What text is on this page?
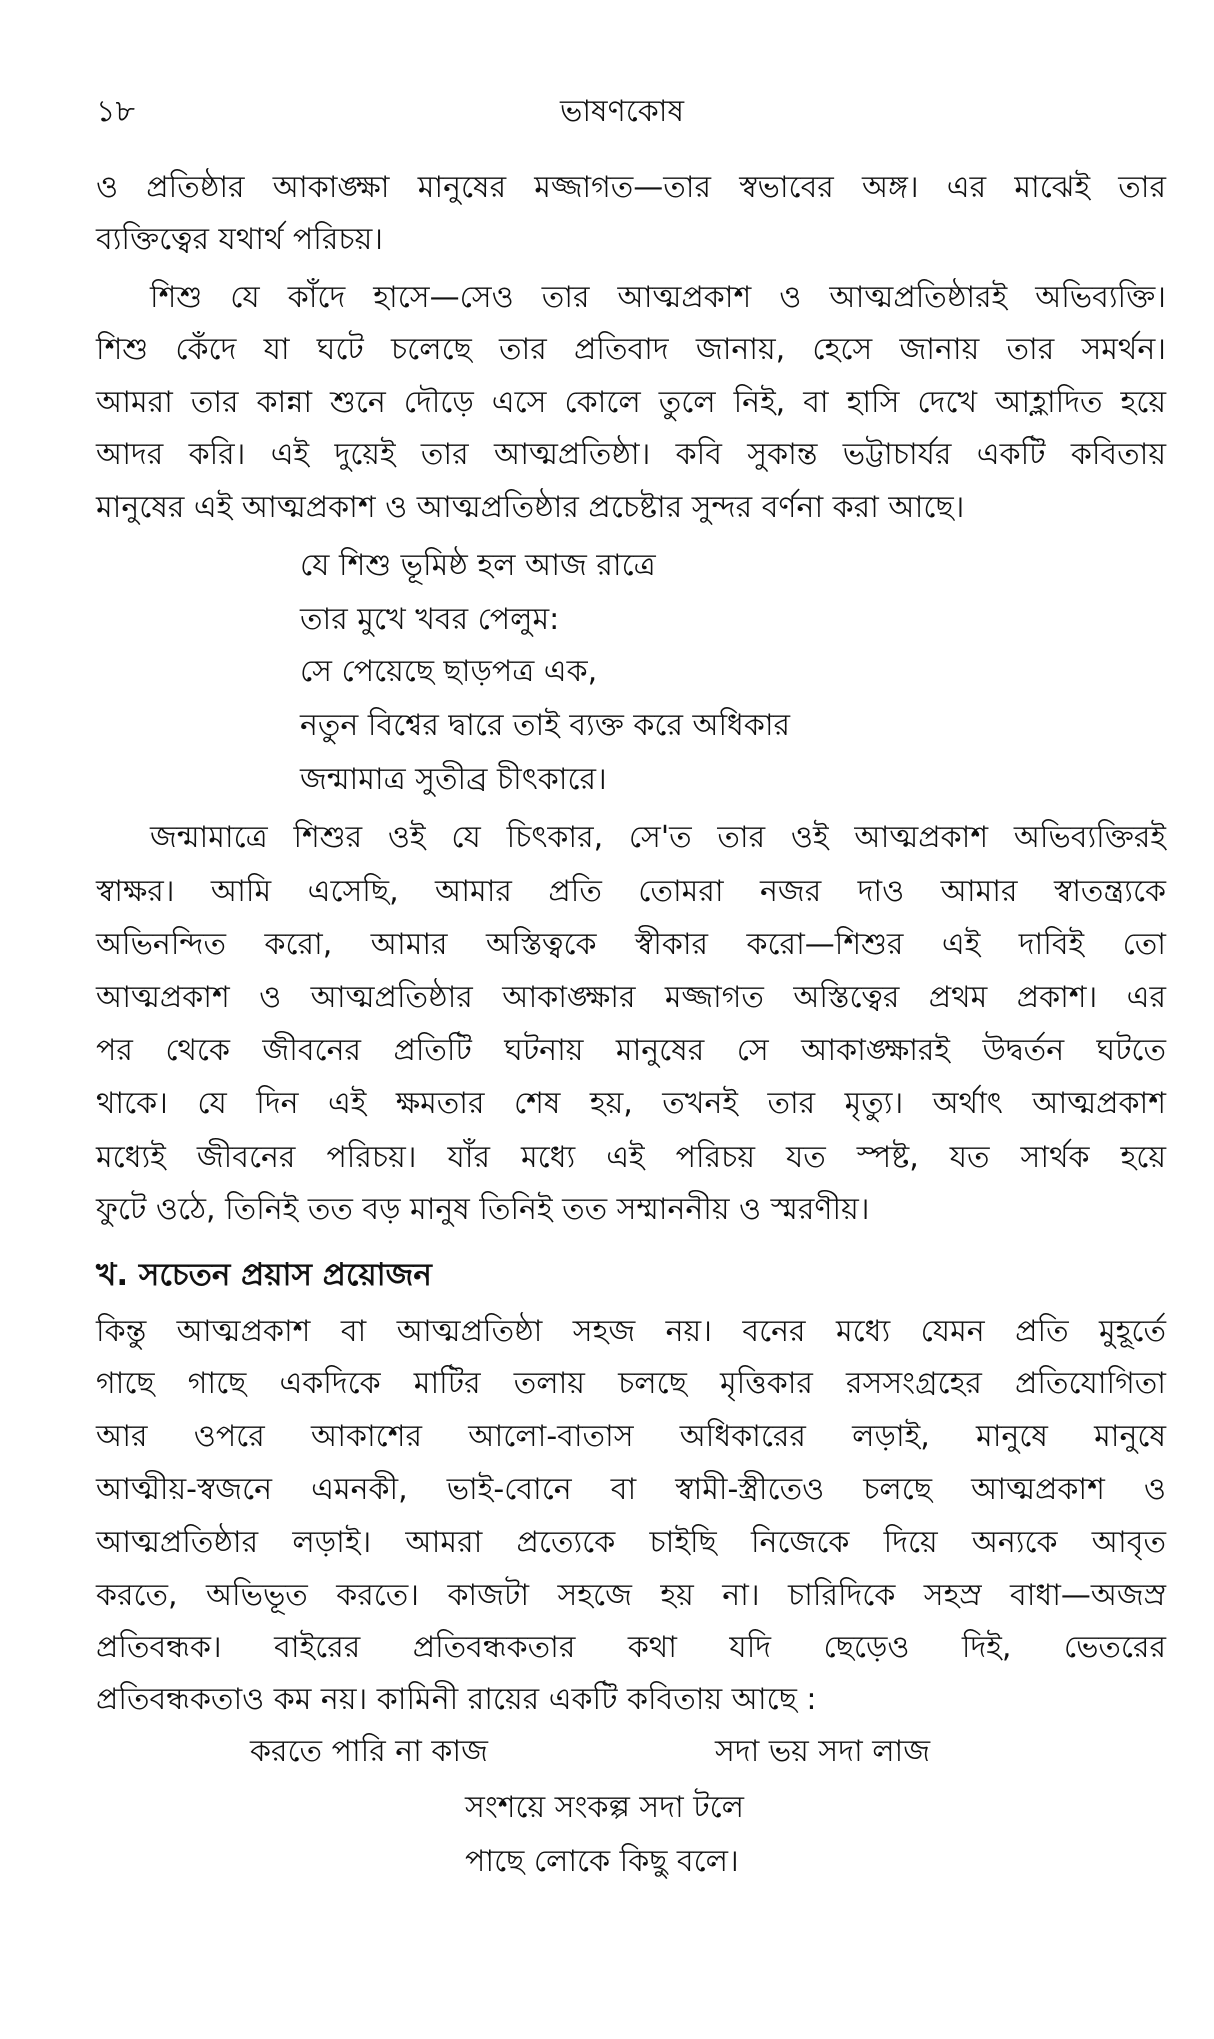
১৮	ভাষণকোষ
ও প্রতিষ্ঠার আকাঙ্ক্ষা মানুষের মজ্জাগত—তার স্বভাবের অঙ্গ। এর মাঝেই তার
ব্যক্তিত্বের যথার্থ পরিচয়।
শিশু যে কাঁদে হাসে—সেও তার আত্মপ্রকাশ ও আত্মপ্রতিষ্ঠারই অভিব্যক্তি।
শিশু কেঁদে যা ঘটে চলেছে তার প্রতিবাদ জানায়, হেসে জানায় তার সমর্থন।
আমরা তার কান্না শুনে দৌড়ে এসে কোলে তুলে নিই, বা হাসি দেখে আহ্লাদিত হয়ে
আদর করি। এই দুয়েই তার আত্মপ্রতিষ্ঠা। কবি সুকান্ত ভট্টাচার্যর একটি কবিতায়
মানুষের এই আত্মপ্রকাশ ও আত্মপ্রতিষ্ঠার প্রচেষ্টার সুন্দর বর্ণনা করা আছে।
যে শিশু ভূমিষ্ঠ হল আজ রাত্রে
তার মুখে খবর পেলুম:
সে পেয়েছে ছাড়পত্র এক,
নতুন বিশ্বের দ্বারে তাই ব্যক্ত করে অধিকার
জন্মামাত্র সুতীব্র চীৎকারে।
জন্মামাত্রে শিশুর ওই যে চিৎকার, সে'ত তার ওই আত্মপ্রকাশ অভিব্যক্তিরই
স্বাক্ষর। আমি এসেছি, আমার প্রতি তোমরা নজর দাও আমার স্বাতন্ত্র্যকে
অভিনন্দিত করো, আমার অস্তিত্বকে স্বীকার করো—শিশুর এই দাবিই তো
আত্মপ্রকাশ ও আত্মপ্রতিষ্ঠার আকাঙ্ক্ষার মজ্জাগত অস্তিত্বের প্রথম প্রকাশ। এর
পর থেকে জীবনের প্রতিটি ঘটনায় মানুষের সে আকাঙ্ক্ষারই উদ্বর্তন ঘটতে
থাকে। যে দিন এই ক্ষমতার শেষ হয়, তখনই তার মৃত্যু। অর্থাৎ আত্মপ্রকাশ
মধ্যেই জীবনের পরিচয়। যাঁর মধ্যে এই পরিচয় যত স্পষ্ট, যত সার্থক হয়ে
ফুটে ওঠে, তিনিই তত বড় মানুষ তিনিই তত সম্মাননীয় ও স্মরণীয়।
খ. সচেতন প্রয়াস প্রয়োজন
কিন্তু আত্মপ্রকাশ বা আত্মপ্রতিষ্ঠা সহজ নয়। বনের মধ্যে যেমন প্রতি মুহূর্তে
গাছে গাছে একদিকে মাটির তলায় চলছে মৃত্তিকার রসসংগ্রহের প্রতিযোগিতা
আর ওপরে আকাশের আলো-বাতাস অধিকারের লড়াই, মানুষে মানুষে
আত্মীয়-স্বজনে এমনকী, ভাই-বোনে বা স্বামী-স্ত্রীতেও চলছে আত্মপ্রকাশ ও
আত্মপ্রতিষ্ঠার লড়াই। আমরা প্রত্যেকে চাইছি নিজেকে দিয়ে অন্যকে আবৃত
করতে, অভিভূত করতে। কাজটা সহজে হয় না। চারিদিকে সহস্র বাধা—অজস্র
প্রতিবন্ধক। বাইরের প্রতিবন্ধকতার কথা যদি ছেড়েও দিই, ভেতরের
প্রতিবন্ধকতাও কম নয়। কামিনী রায়ের একটি কবিতায় আছে :
করতে পারি না কাজ	সদা ভয় সদা লাজ
সংশয়ে সংকল্প সদা টলে
পাছে লোকে কিছু বলে।
